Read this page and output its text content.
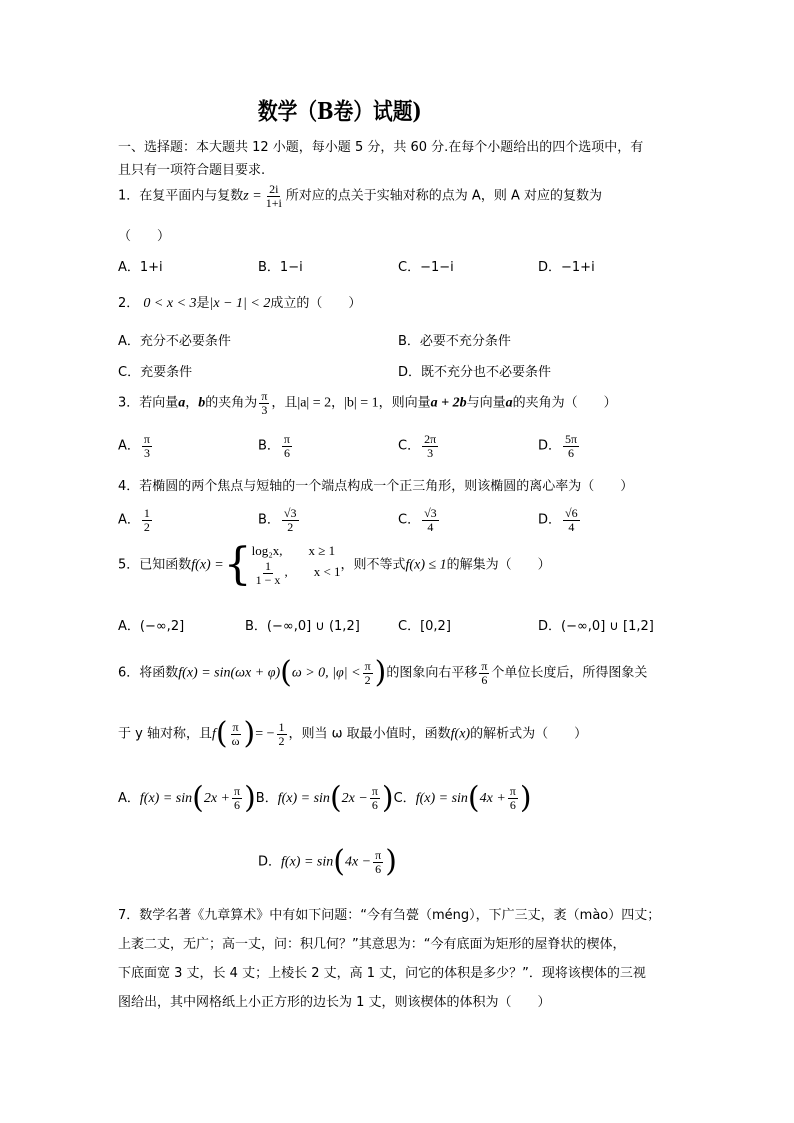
数学（B卷）试题)
一、选择题：本大题共 12 小题，每小题 5 分，共 60 分.在每个小题给出的四个选项中，有
且只有一项符合题目要求.
1．在复平面内与复数$z = \frac{2i}{1+i}$ 所对应的点关于实轴对称的点为 A，则 A 对应的复数为
（　　）
A．1+i	B．1−i	C．−1−i	D．−1+i
2． 0 < x < 3是|x − 1| < 2成立的（　　）
A．充分不必要条件	B．必要不充分条件
C．充要条件	D．既不充分也不必要条件
3．若向量a，b的夹角为 $\frac{\pi}{3}$ ，且|a| = 2，|b| = 1，则向量a + 2b与向量a的夹角为（　　）
A． $\frac{\pi}{3}$	B． $\frac{\pi}{6}$	C． $\frac{2\pi}{3}$	D． $\frac{5\pi}{6}$
4．若椭圆的两个焦点与短轴的一个端点构成一个正三角形，则该椭圆的离心率为（　　）
A． $\frac{1}{2}$	B． $\frac{√3}{2}$	C． $\frac{√3}{4}$	D． $\frac{√6}{4}$
5．已知函数f(x) ={ log₂x,　　x ≥ 1
$\frac{1}{1 - x}$ ,　　x < 1 ，则不等式f(x) ≤ 1的解集为（　　）
A．(−∞,2]	B．(−∞,0] ∪ (1,2]	C．[0,2]	D．(−∞,0] ∪ [1,2]
6．将函数f(x) = sin(ωx + φ)(ω > 0, $|\varphi| < \frac{\pi}{2}$ )的图象向右平移 $\frac{\pi}{6}$ 个单位长度后，所得图象关
于 y 轴对称，且$f( \frac{\pi}{\omega}$ )= − $\frac{1}{2}$ ，则当 ω 取最小值时，函数f(x)的解析式为（　　）
A．$f(x) = \sin(2x + \frac{\pi}{6} )B$．$f(x) = \sin(2x - \frac{\pi}{6} )C$．$f(x) = \sin(4x + \frac{\pi}{6}$ )
D．$f(x) = \sin(4x - \frac{\pi}{6}$ )
7．数学名著《九章算术》中有如下问题：“今有刍甍（méng），下广三丈，袤（mào）四丈；
上袤二丈，无广；高一丈，问：积几何？”其意思为：“今有底面为矩形的屋脊状的楔体，
下底面宽 3 丈，长 4 丈；上棱长 2 丈，高 1 丈，问它的体积是多少？”．现将该楔体的三视
图给出，其中网格纸上小正方形的边长为 1 丈，则该楔体的体积为（　　）
